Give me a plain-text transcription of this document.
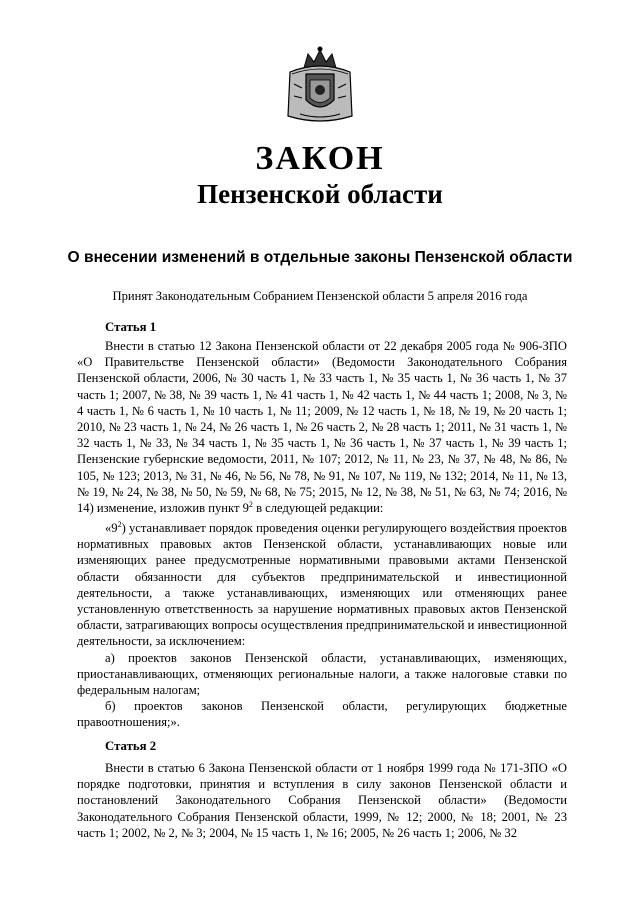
ЗАКОН
Пензенской области
О внесении изменений в отдельные законы Пензенской области
Принят Законодательным Собранием Пензенской области 5 апреля 2016 года
Статья 1

Внести в статью 12 Закона Пензенской области от 22 декабря 2005 года № 906-ЗПО «О Правительстве Пензенской области» (Ведомости Законодательного Собрания Пензенской области, 2006, № 30 часть 1, № 33 часть 1, № 35 часть 1, № 36 часть 1, № 37 часть 1; 2007, № 38, № 39 часть 1, № 41 часть 1, № 42 часть 1, № 44 часть 1; 2008, № 3, № 4 часть 1, № 6 часть 1, № 10 часть 1, № 11; 2009, № 12 часть 1, № 18, № 19, № 20 часть 1; 2010, № 23 часть 1, № 24, № 26 часть 1, № 26 часть 2, № 28 часть 1; 2011, № 31 часть 1, № 32 часть 1, № 33, № 34 часть 1, № 35 часть 1, № 36 часть 1, № 37 часть 1, № 39 часть 1; Пензенские губернские ведомости, 2011, № 107; 2012, № 11, № 23, № 37, № 48, № 86, № 105, № 123; 2013, № 31, № 46, № 56, № 78, № 91, № 107, № 119, № 132; 2014, № 11, № 13, № 19, № 24, № 38, № 50, № 59, № 68, № 75; 2015, № 12, № 38, № 51, № 63, № 74; 2016, № 14) изменение, изложив пункт $9^2$ в следующей редакции:

«$9^2$) устанавливает порядок проведения оценки регулирующего воздействия проектов нормативных правовых актов Пензенской области, устанавливающих новые или изменяющих ранее предусмотренные нормативными правовыми актами Пензенской области обязанности для субъектов предпринимательской и инвестиционной деятельности, а также устанавливающих, изменяющих или отменяющих ранее установленную ответственность за нарушение нормативных правовых актов Пензенской области, затрагивающих вопросы осуществления предпринимательской и инвестиционной деятельности, за исключением:

а) проектов законов Пензенской области, устанавливающих, изменяющих, приостанавливающих, отменяющих региональные налоги, а также налоговые ставки по федеральным налогам;

б) проектов законов Пензенской области, регулирующих бюджетные правоотношения;».

Статья 2

Внести в статью 6 Закона Пензенской области от 1 ноября 1999 года № 171-ЗПО «О порядке подготовки, принятия и вступления в силу законов Пензенской области и постановлений Законодательного Собрания Пензенской области» (Ведомости Законодательного Собрания Пензенской области, 1999, № 12; 2000, № 18; 2001, № 23 часть 1; 2002, № 2, № 3; 2004, № 15 часть 1, № 16; 2005, № 26 часть 1; 2006, № 32
